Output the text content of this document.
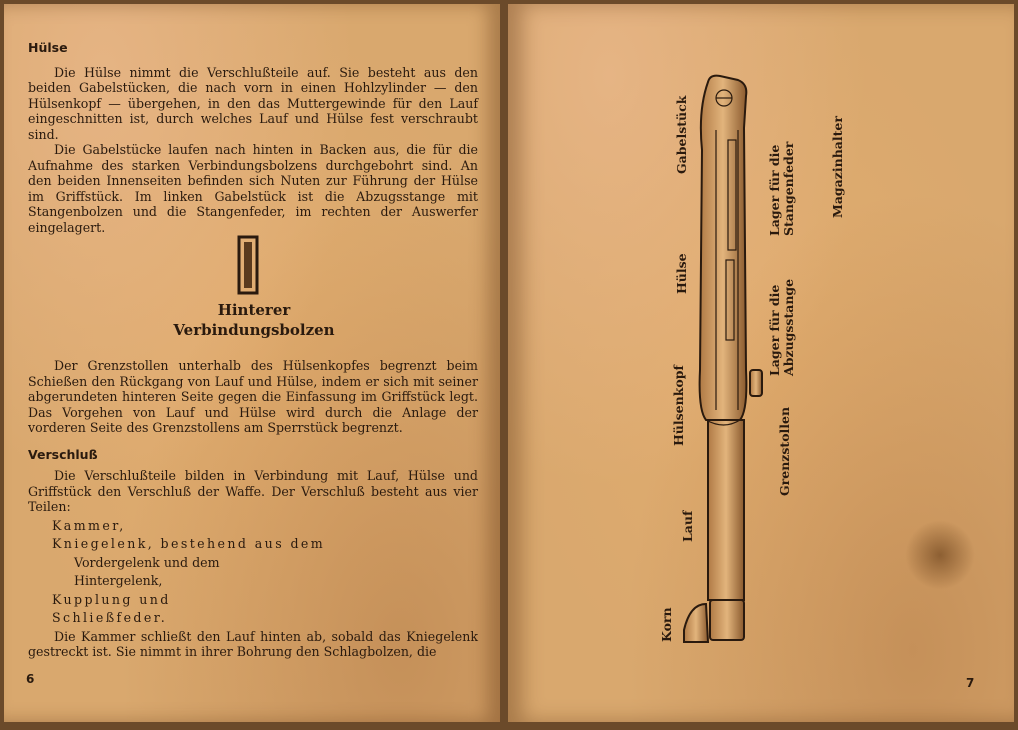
Hülse

Die Hülse nimmt die Verschlußteile auf. Sie besteht aus den beiden Gabelstücken, die nach vorn in einen Hohlzylinder — den Hülsenkopf — übergehen, in den das Muttergewinde für den Lauf eingeschnitten ist, durch welches Lauf und Hülse fest verschraubt sind.

Die Gabelstücke laufen nach hinten in Backen aus, die für die Aufnahme des starken Verbindungsbolzens durchgebohrt sind. An den beiden Innenseiten befinden sich Nuten zur Führung der Hülse im Griffstück. Im linken Gabelstück ist die Abzugsstange mit Stangenbolzen und die Stangenfeder, im rechten der Auswerfer eingelagert.

Hinterer
Verbindungsbolzen

Der Grenzstollen unterhalb des Hülsenkopfes begrenzt beim Schießen den Rückgang von Lauf und Hülse, indem er sich mit seiner abgerundeten hinteren Seite gegen die Einfassung im Griffstück legt. Das Vorgehen von Lauf und Hülse wird durch die Anlage der vorderen Seite des Grenzstollens am Sperrstück begrenzt.

Verschluß

Die Verschlußteile bilden in Verbindung mit Lauf, Hülse und Griffstück den Verschluß der Waffe. Der Verschluß besteht aus vier Teilen:

Kammer,
Kniegelenk, bestehend aus dem
Vordergelenk und dem
Hintergelenk,
Kupplung und
Schließfeder.

Die Kammer schließt den Lauf hinten ab, sobald das Kniegelenk gestreckt ist. Sie nimmt in ihrer Bohrung den Schlagbolzen, die

6
Gabelstück
Hülse
Hülsenkopf
Lauf
Korn
Lager für die Stangenfeder
Lager für die Abzugsstange
Grenzstollen
Magazinhalter
7
